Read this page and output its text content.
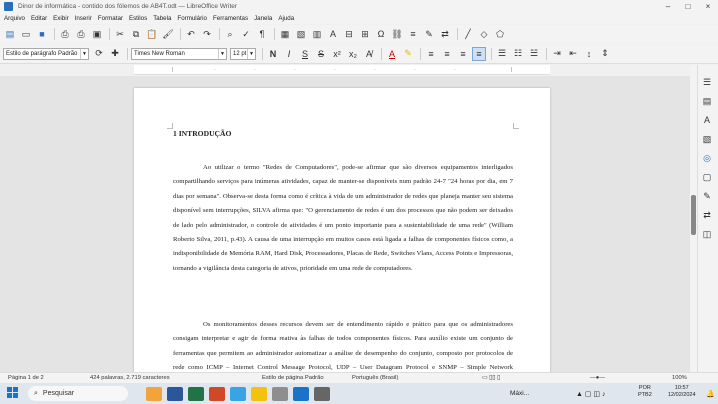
Dinor de informática - contido dos fólemos de AB4T.odt — LibreOffice Writer	–	□	×
Arquivo Editar Exibir Inserir Formatar Estilos Tabela Formulário Ferramentas Janela Ajuda
▤ ▭	■	⎙ ⎙ ▣	✂	⧉ 📋 🖌	↶ ↷	⌕	✓	¶	▦ ▧ ▥ A	⊟ ⊞ Ω ⛓ ≡	✎ ⇄	╱	◇ ⬠
Estilo de parágrafo Padrão ▼ ⟳ ✚	Times New Roman	▼ 12 pt ▼	N	I	S	S	x² x₂ A̸	A	✎	≡	≡	≡	≡	☰ ☷ ☱	⇥ ⇤	↕	⇕
|	·	·	·	·	·	·	·	|
1 INTRODUÇÃO
Ao utilizar o termo "Redes de Computadores", pode-se afirmar que são diversos equipamentos interligados compartilhando serviços para inúmeras atividades, capaz de manter-se disponíveis num padrão 24-7 "24 horas por dia, em 7 dias por semana". Observa-se desta forma como é crítica à vida de um administrador de redes que planeja manter seu sistema disponível sem interrupções, SILVA afirma que: "O gerenciamento de redes é um dos processos que não podem ser deixados de lado pelo administrador, o controle de atividades é um ponto importante para a sustentabilidade de uma rede" (William Roberto Silva, 2011, p.43). A causa de uma interrupção em muitos casos está ligada a falhas de componentes físicos como, a indisponibilidade de Memória RAM, Hard Disk, Processadores, Placas de Rede, Switches Vlans, Access Points e Impressoras, tornando a vigilância desta categoria de ativos, prioridade em uma rede de computadores.
Os monitoramentos desses recursos devem ser de entendimento rápido e prático para que os administradores consigam interpretar e agir de forma reativa às falhas de todos componentes físicos. Para auxílio existe um conjunto de ferramentas que permitem ao administrador automatizar a análise de desempenho do conjunto, composto por protocolos de rede como ICMP – Internet Control Message Protocol, UDP – User Datagram Protocol e SNMP – Simple Network
☰
▤
A
▧
◎
▢
✎
⇄
◫
Página 1 de 2	424 palavras, 2.719 caracteres	Estilo de página Padrão	Português (Brasil)	▭ ▯▯ ▯	—●—	100%
⌕ Pesquisar	Máxi...	▲ ▢ ◫ ♪
POR
PTB2
10:57
12/02/2024 🔔
